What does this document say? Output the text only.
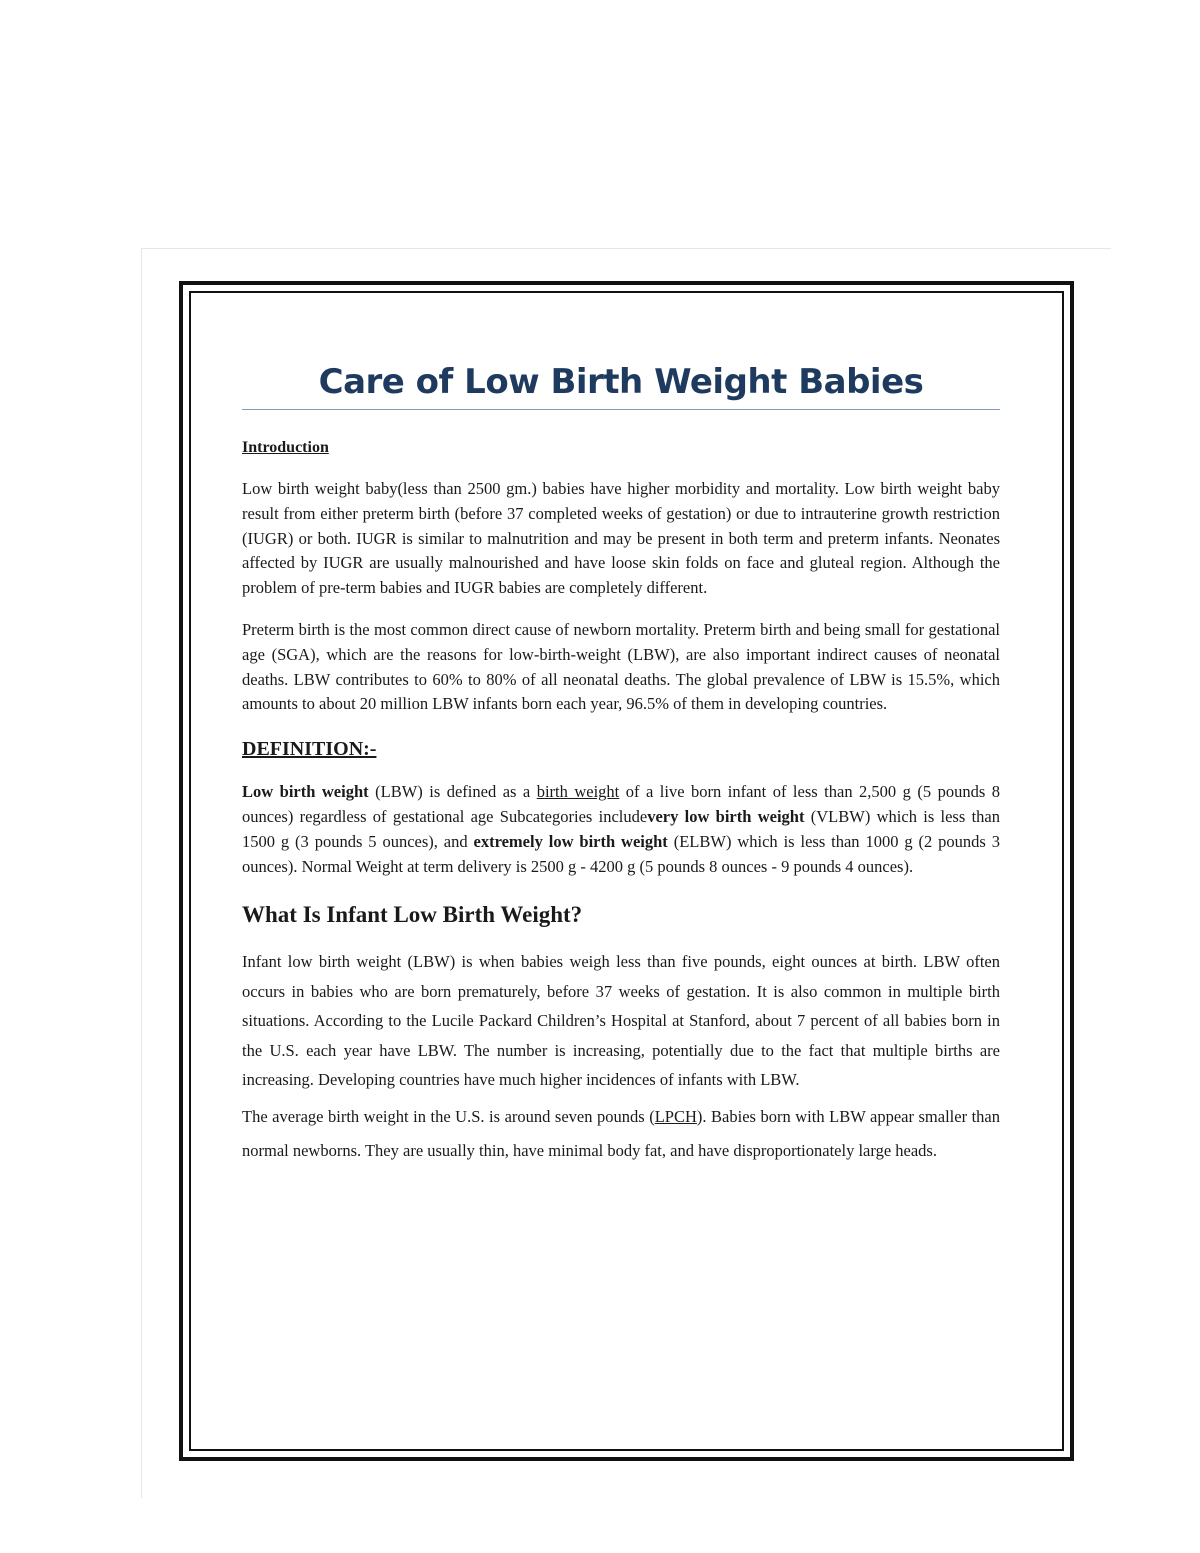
Care of Low Birth Weight Babies
Introduction

Low birth weight baby(less than 2500 gm.) babies have higher morbidity and mortality. Low birth weight baby result from either preterm birth (before 37 completed weeks of gestation) or due to intrauterine growth restriction (IUGR) or both. IUGR is similar to malnutrition and may be present in both term and preterm infants. Neonates affected by IUGR are usually malnourished and have loose skin folds on face and gluteal region. Although the problem of pre-term babies and IUGR babies are completely different.

Preterm birth is the most common direct cause of newborn mortality. Preterm birth and being small for gestational age (SGA), which are the reasons for low-birth-weight (LBW), are also important indirect causes of neonatal deaths. LBW contributes to 60% to 80% of all neonatal deaths. The global prevalence of LBW is 15.5%, which amounts to about 20 million LBW infants born each year, 96.5% of them in developing countries.

DEFINITION:-

Low birth weight (LBW) is defined as a birth weight of a live born infant of less than 2,500 g (5 pounds 8 ounces) regardless of gestational age Subcategories includevery low birth weight (VLBW) which is less than 1500 g (3 pounds 5 ounces), and extremely low birth weight (ELBW) which is less than 1000 g (2 pounds 3 ounces). Normal Weight at term delivery is 2500 g - 4200 g (5 pounds 8 ounces - 9 pounds 4 ounces).

What Is Infant Low Birth Weight?

Infant low birth weight (LBW) is when babies weigh less than five pounds, eight ounces at birth. LBW often occurs in babies who are born prematurely, before 37 weeks of gestation. It is also common in multiple birth situations. According to the Lucile Packard Children’s Hospital at Stanford, about 7 percent of all babies born in the U.S. each year have LBW. The number is increasing, potentially due to the fact that multiple births are increasing. Developing countries have much higher incidences of infants with LBW.

The average birth weight in the U.S. is around seven pounds (LPCH). Babies born with LBW appear smaller than normal newborns. They are usually thin, have minimal body fat, and have disproportionately large heads.
